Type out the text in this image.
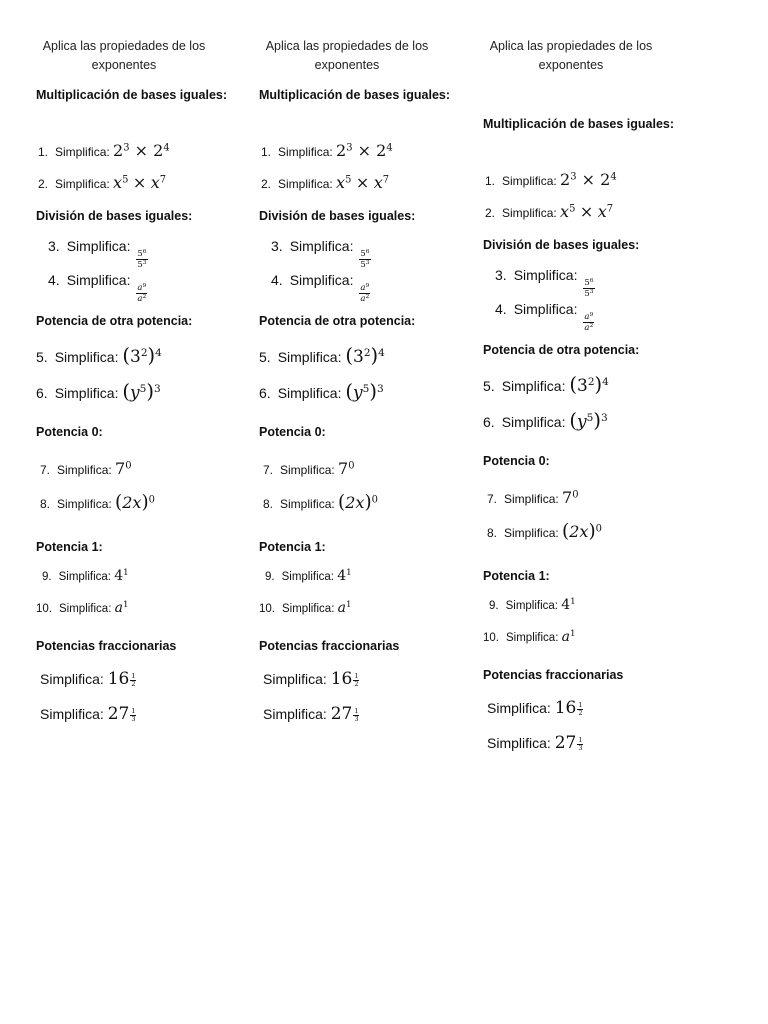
Aplica las propiedades de los exponentes
Multiplicación de bases iguales:
1. Simplifica: $2^3 \times 2^4$
2. Simplifica: $x^5 \times x^7$
División de bases iguales:
3. Simplifica:
$\frac{5^6}{5^3}$
4. Simplifica:
$\frac{a^9}{a^2}$
Potencia de otra potencia:
5. Simplifica: $(3^2)^4$
6. Simplifica: $(y^5)^3$
Potencia 0:
7. Simplifica: $7^0$
8. Simplifica: $(2x)^0$
Potencia 1:
9. Simplifica: $4^1$
10. Simplifica: $a^1$
Potencias fraccionarias
Simplifica: $16 \frac{1}{2}$
Simplifica: $27 \frac{1}{3}$
Aplica las propiedades de los exponentes
Multiplicación de bases iguales:
1. Simplifica: $2^3 \times 2^4$
2. Simplifica: $x^5 \times x^7$
División de bases iguales:
3. Simplifica:
$\frac{5^6}{5^3}$
4. Simplifica:
$\frac{a^9}{a^2}$
Potencia de otra potencia:
5. Simplifica: $(3^2)^4$
6. Simplifica: $(y^5)^3$
Potencia 0:
7. Simplifica: $7^0$
8. Simplifica: $(2x)^0$
Potencia 1:
9. Simplifica: $4^1$
10. Simplifica: $a^1$
Potencias fraccionarias
Simplifica: $16 \frac{1}{2}$
Simplifica: $27 \frac{1}{3}$
Aplica las propiedades de los exponentes
Multiplicación de bases iguales:
1. Simplifica: $2^3 \times 2^4$
2. Simplifica: $x^5 \times x^7$
División de bases iguales:
3. Simplifica:
$\frac{5^6}{5^3}$
4. Simplifica:
$\frac{a^9}{a^2}$
Potencia de otra potencia:
5. Simplifica: $(3^2)^4$
6. Simplifica: $(y^5)^3$
Potencia 0:
7. Simplifica: $7^0$
8. Simplifica: $(2x)^0$
Potencia 1:
9. Simplifica: $4^1$
10. Simplifica: $a^1$
Potencias fraccionarias
Simplifica: $16 \frac{1}{2}$
Simplifica: $27 \frac{1}{3}$
